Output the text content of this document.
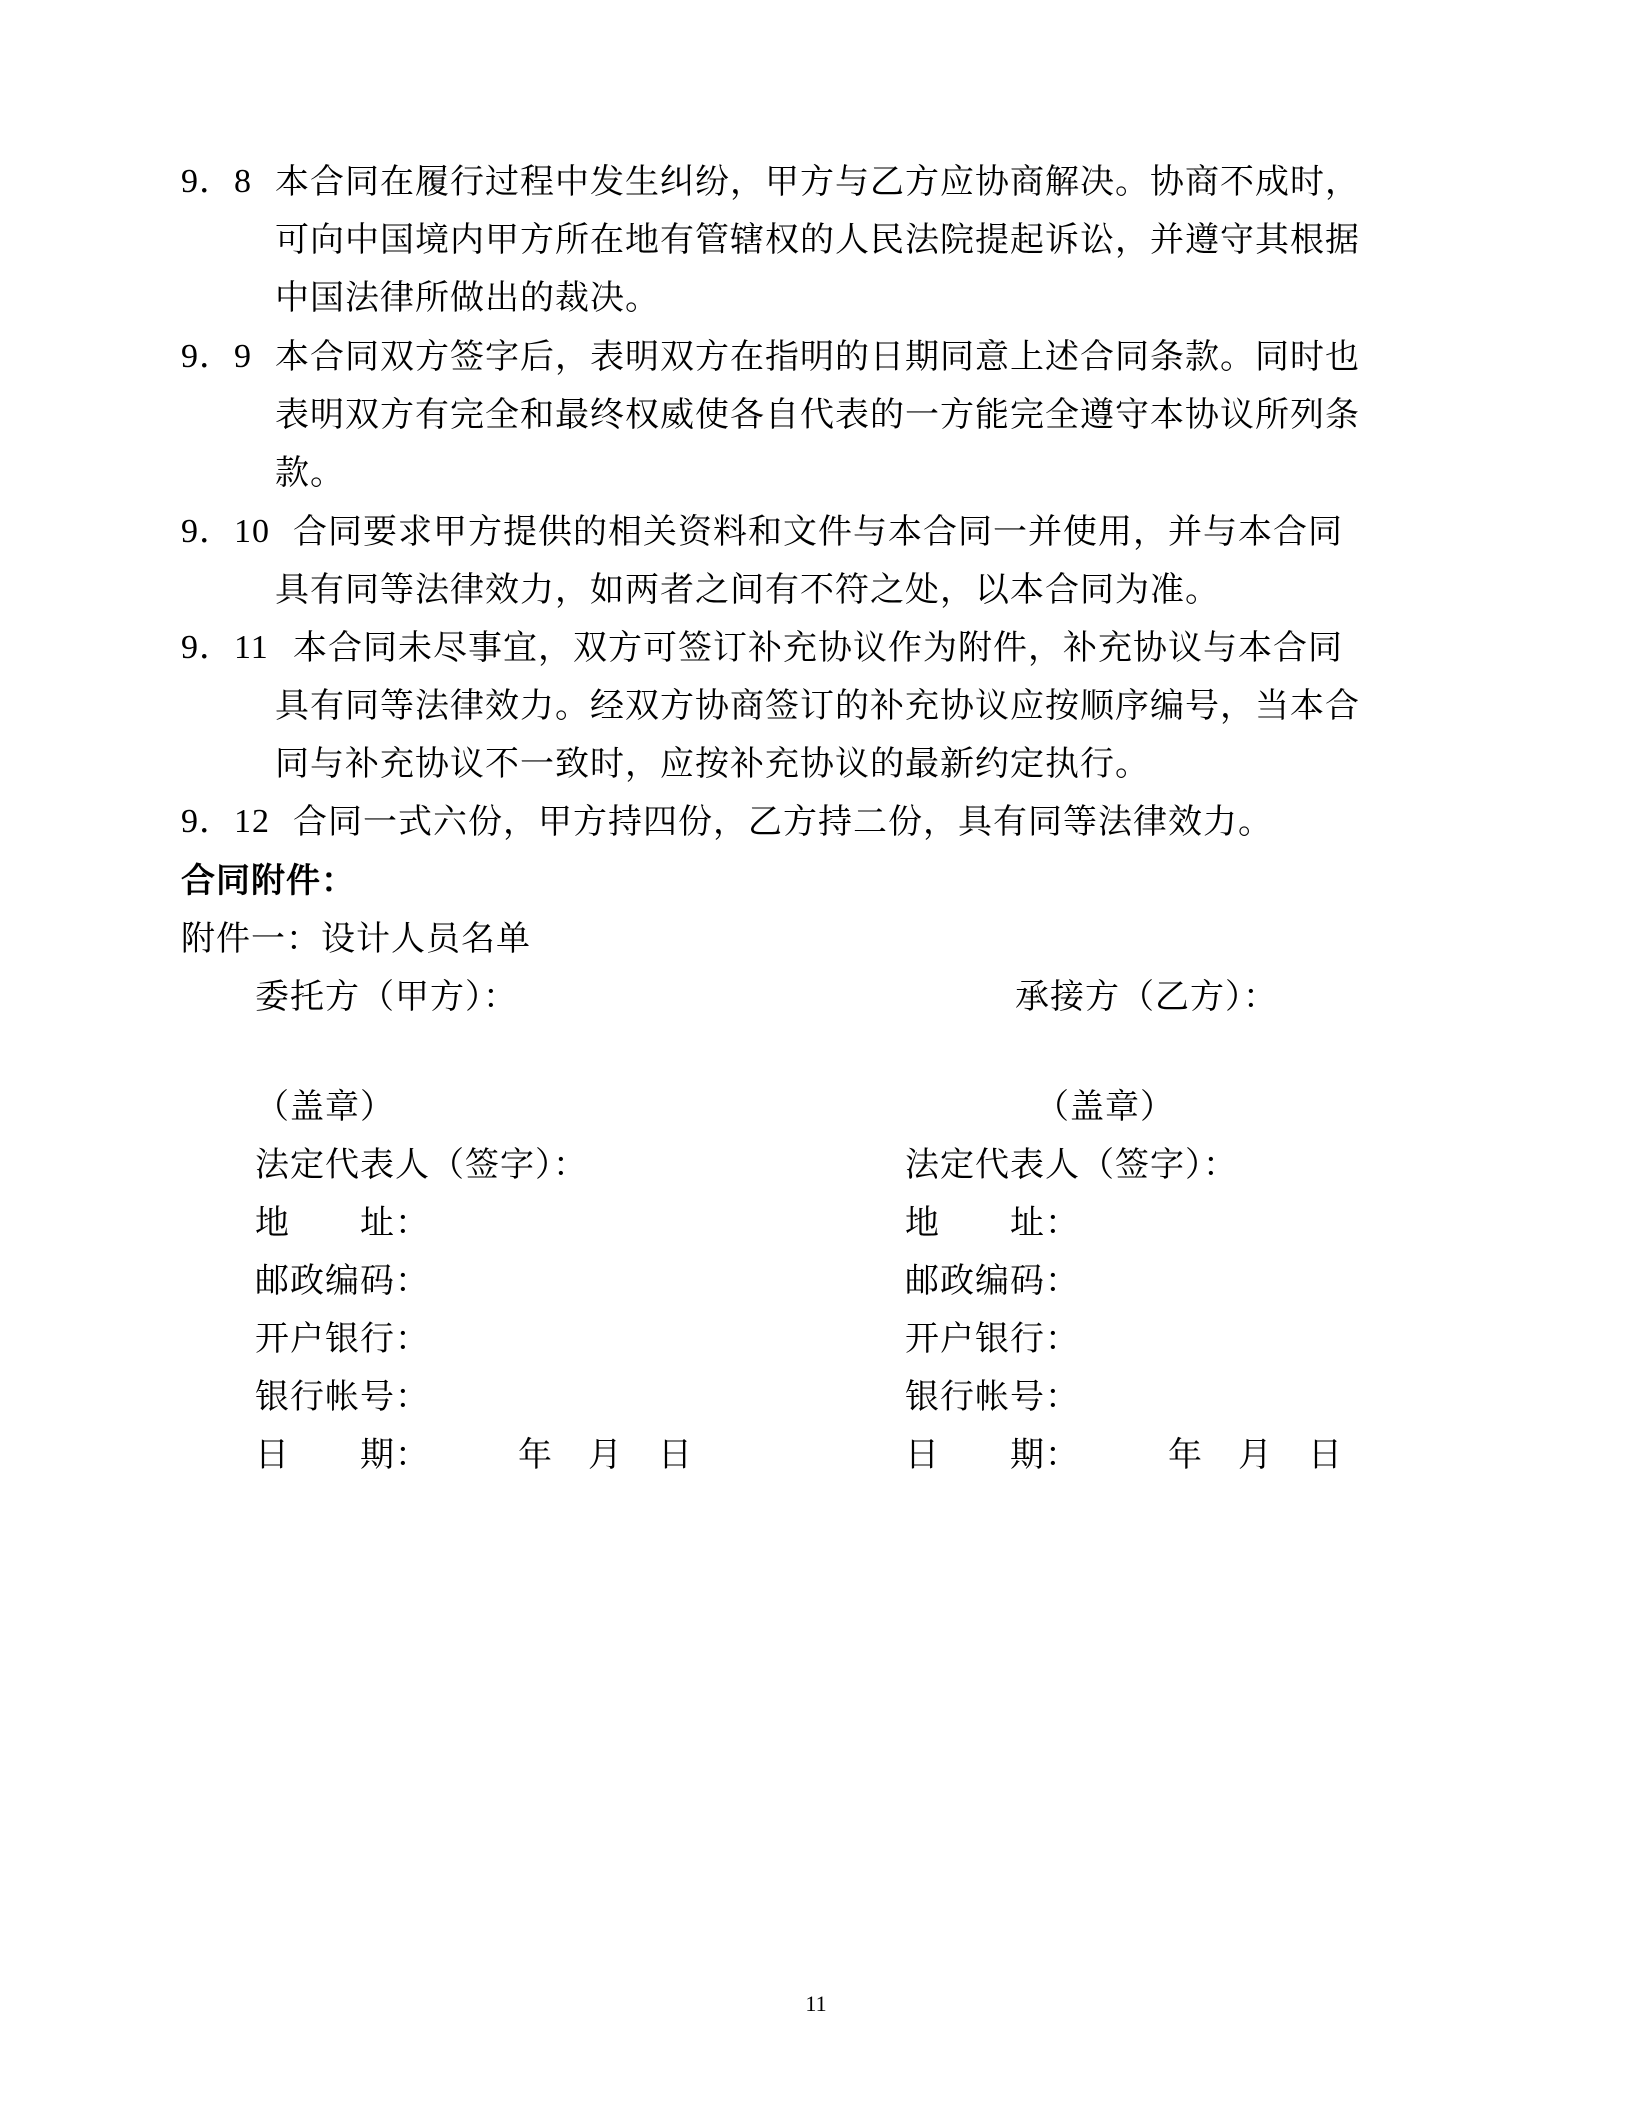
9．8 本合同在履行过程中发生纠纷，甲方与乙方应协商解决。协商不成时，
可向中国境内甲方所在地有管辖权的人民法院提起诉讼，并遵守其根据
中国法律所做出的裁决。
9．9 本合同双方签字后，表明双方在指明的日期同意上述合同条款。同时也
表明双方有完全和最终权威使各自代表的一方能完全遵守本协议所列条
款。
9．10 合同要求甲方提供的相关资料和文件与本合同一并使用，并与本合同
具有同等法律效力，如两者之间有不符之处，以本合同为准。
9．11 本合同未尽事宜，双方可签订补充协议作为附件，补充协议与本合同
具有同等法律效力。经双方协商签订的补充协议应按顺序编号，当本合
同与补充协议不一致时，应按补充协议的最新约定执行。
9．12 合同一式六份，甲方持四份，乙方持二份，具有同等法律效力。
合同附件：
附件一：设计人员名单
委托方（甲方）：
（盖章）
法定代表人（签字）：
地　　址：
邮政编码：
开户银行：
银行帐号：
日　　期：　　　年　月　日
承接方（乙方）：
（盖章）
法定代表人（签字）：
地　　址：
邮政编码：
开户银行：
银行帐号：
日　　期：　　　年　月　日
11
